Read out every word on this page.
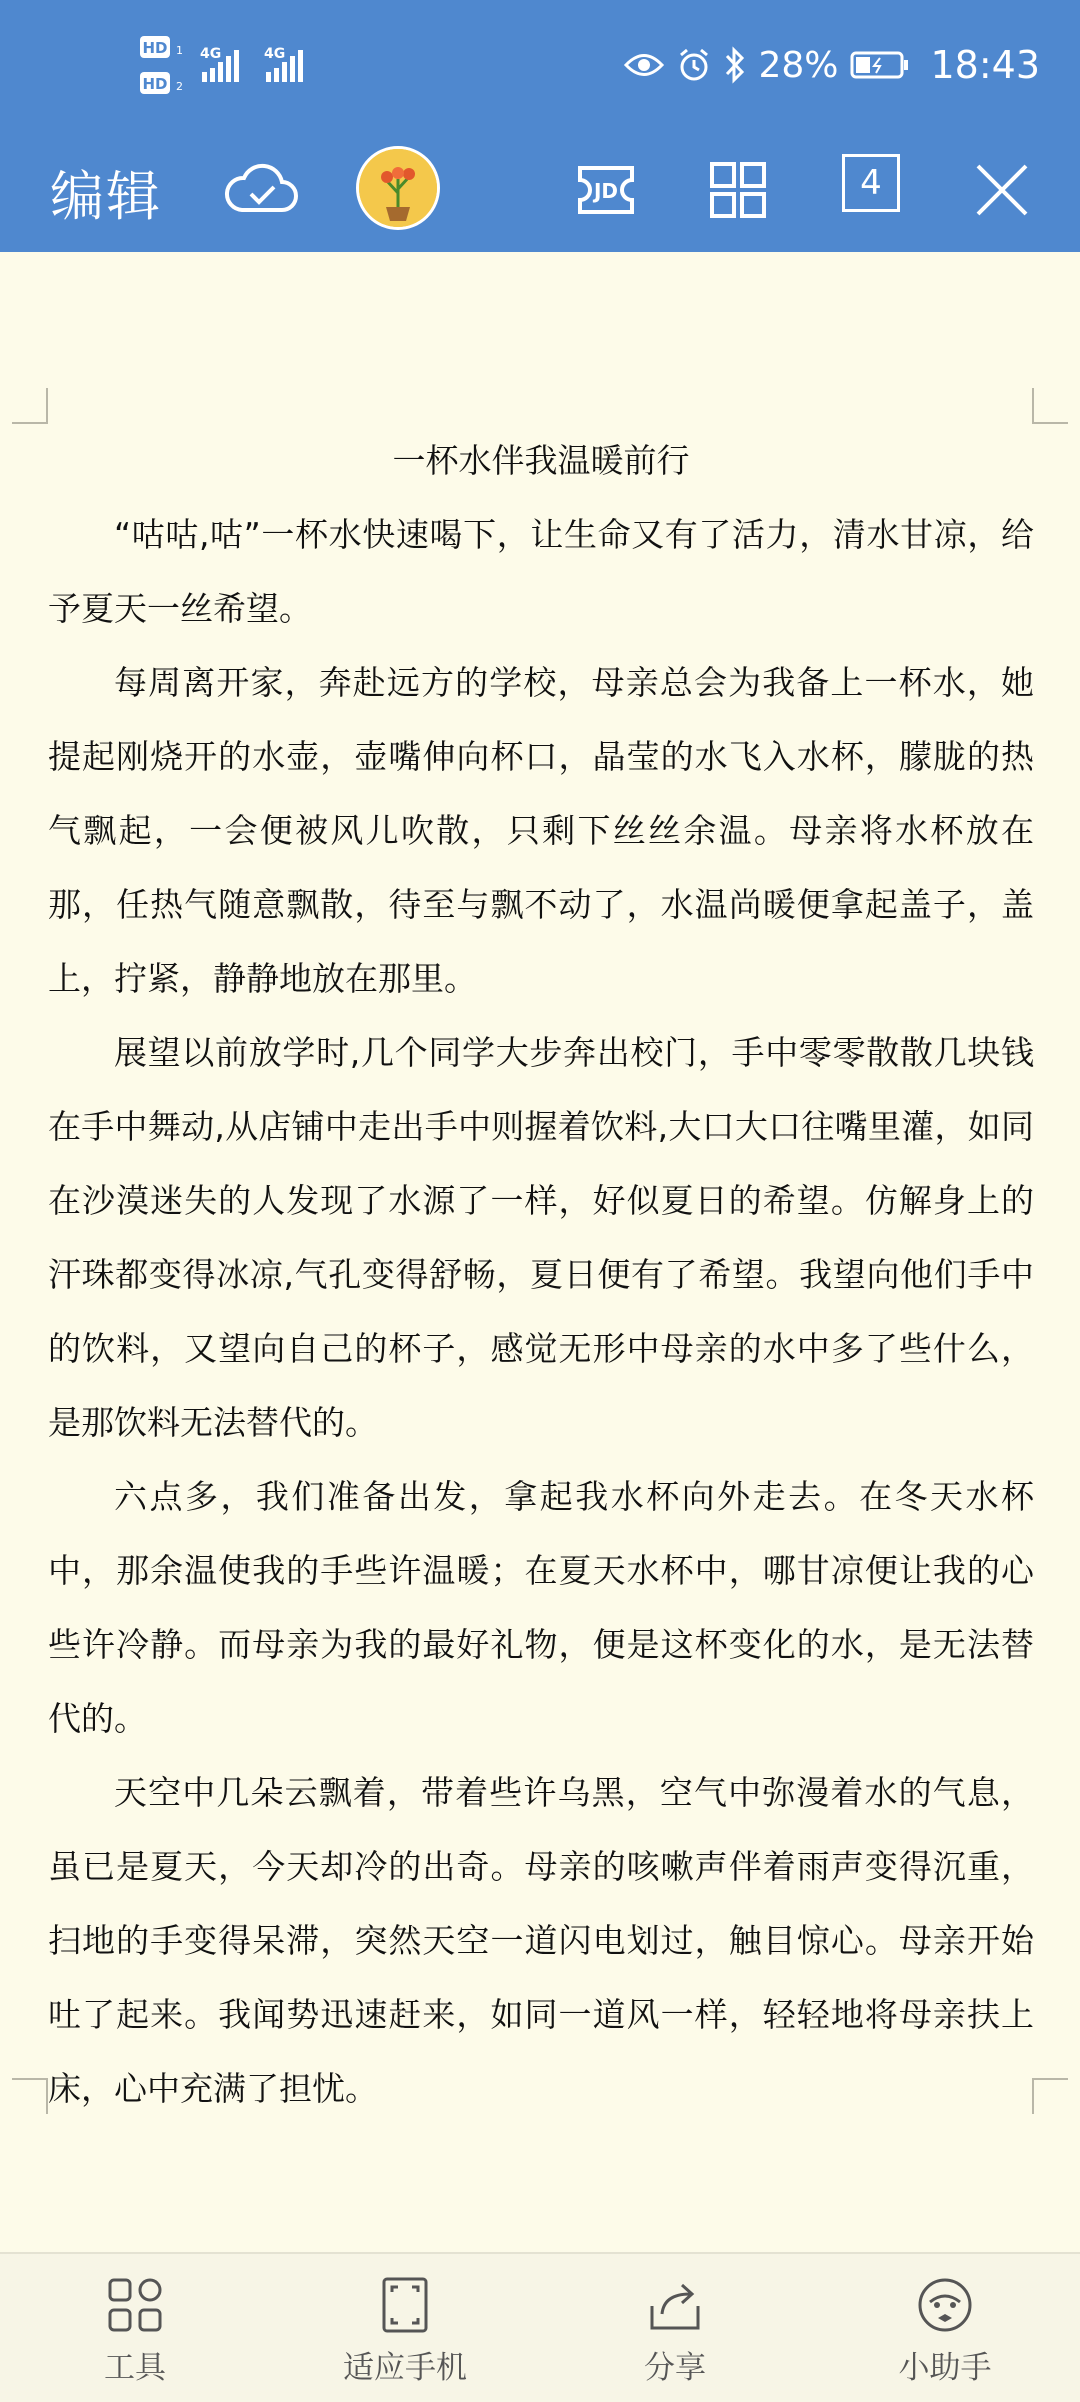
HD 1
HD 2
4G	4G	28% 18:43
编辑	JD	4

一杯水伴我温暖前行

“咕咕,咕”一杯水快速喝下，让生命又有了活力，清水甘凉，给予夏天一丝希望。

每周离开家，奔赴远方的学校，母亲总会为我备上一杯水，她提起刚烧开的水壶，壶嘴伸向杯口，晶莹的水飞入水杯，朦胧的热气飘起，一会便被风儿吹散，只剩下丝丝余温。母亲将水杯放在那，任热气随意飘散，待至与飘不动了，水温尚暖便拿起盖子，盖上，拧紧，静静地放在那里。

展望以前放学时,几个同学大步奔出校门，手中零零散散几块钱在手中舞动,从店铺中走出手中则握着饮料,大口大口往嘴里灌，如同在沙漠迷失的人发现了水源了一样，好似夏日的希望。仿解身上的汗珠都变得冰凉,气孔变得舒畅，夏日便有了希望。我望向他们手中的饮料，又望向自己的杯子，感觉无形中母亲的水中多了些什么，是那饮料无法替代的。

六点多，我们准备出发，拿起我水杯向外走去。在冬天水杯中，那余温使我的手些许温暖；在夏天水杯中，哪甘凉便让我的心些许冷静。而母亲为我的最好礼物，便是这杯变化的水，是无法替代的。

天空中几朵云飘着，带着些许乌黑，空气中弥漫着水的气息，虽已是夏天，今天却冷的出奇。母亲的咳嗽声伴着雨声变得沉重，扫地的手变得呆滞，突然天空一道闪电划过，触目惊心。母亲开始吐了起来。我闻势迅速赶来，如同一道风一样，轻轻地将母亲扶上床，心中充满了担忧。

工具	适应手机	分享	小助手
